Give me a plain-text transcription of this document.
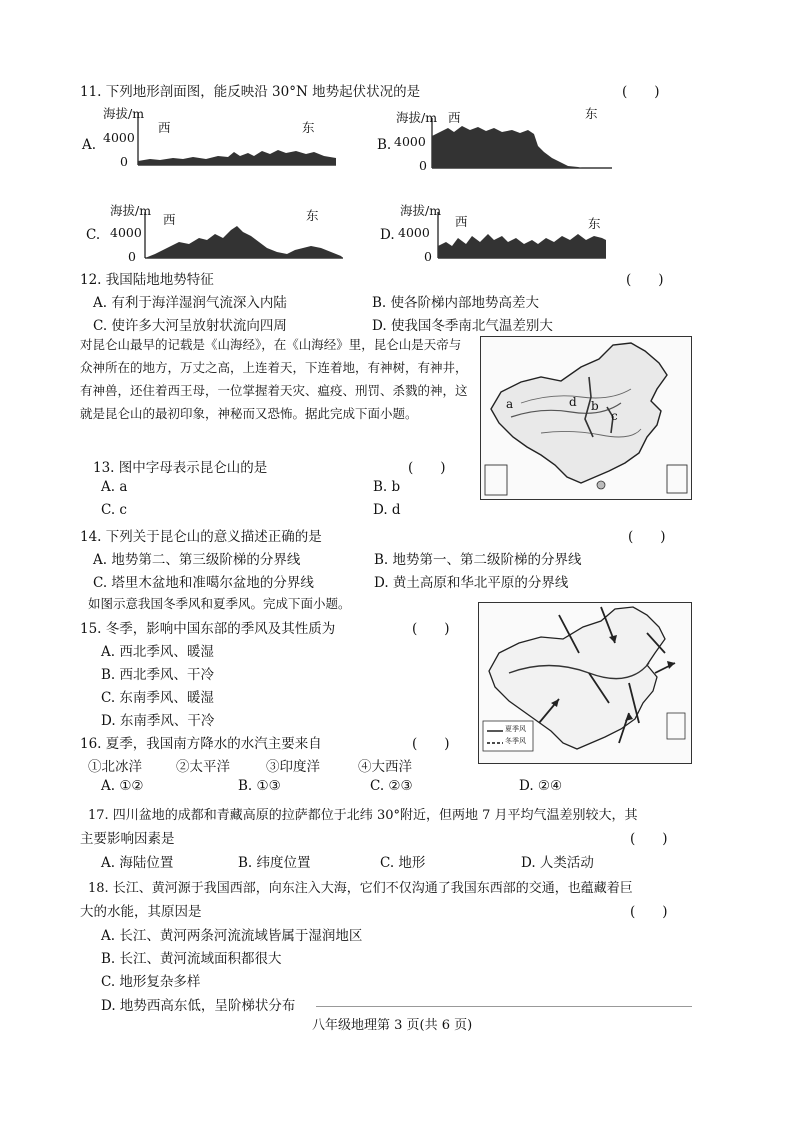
11. 下列地形剖面图，能反映沿 30°N 地势起伏状况的是	(　　)
海拔/m
4000
0
A.
西	东
海拔/m 西	东
4000
0
B.
海拔/m
西	东
4000
0
C.
海拔/m
西	东
4000
0
D.
12. 我国陆地地势特征	(　　)
A. 有利于海洋湿润气流深入内陆	B. 使各阶梯内部地势高差大
C. 使许多大河呈放射状流向四周	D. 使我国冬季南北气温差别大
对昆仑山最早的记载是《山海经》，在《山海经》里，昆仑山是天帝与众神所在的地方，万丈之高，上连着天，下连着地，有神树，有神井，有神兽，还住着西王母，一位掌握着天灾、瘟疫、刑罚、杀戮的神，这就是昆仑山的最初印象，神秘而又恐怖。据此完成下面小题。
a	b
c
d
13. 图中字母表示昆仑山的是	(　　)
A. a	B. b
C. c	D. d
14. 下列关于昆仑山的意义描述正确的是	(　　)
A. 地势第二、第三级阶梯的分界线	B. 地势第一、第二级阶梯的分界线
C. 塔里木盆地和准噶尔盆地的分界线	D. 黄土高原和华北平原的分界线
如图示意我国冬季风和夏季风。完成下面小题。
夏季风
冬季风
15. 冬季，影响中国东部的季风及其性质为	(　　)
A. 西北季风、暖湿
B. 西北季风、干冷
C. 东南季风、暖湿
D. 东南季风、干冷
16. 夏季，我国南方降水的水汽主要来自	(　　)
①北冰洋	②太平洋	③印度洋	④大西洋
A. ①②	B. ①③	C. ②③	D. ②④
17. 四川盆地的成都和青藏高原的拉萨都位于北纬 30°附近，但两地 7 月平均气温差别较大，其
主要影响因素是	(　　)
A. 海陆位置	B. 纬度位置	C. 地形	D. 人类活动
18. 长江、黄河源于我国西部，向东注入大海，它们不仅沟通了我国东西部的交通，也蕴藏着巨
大的水能，其原因是	(　　)
A. 长江、黄河两条河流流域皆属于湿润地区
B. 长江、黄河流域面积都很大
C. 地形复杂多样
D. 地势西高东低，呈阶梯状分布
八年级地理第 3 页(共 6 页)
